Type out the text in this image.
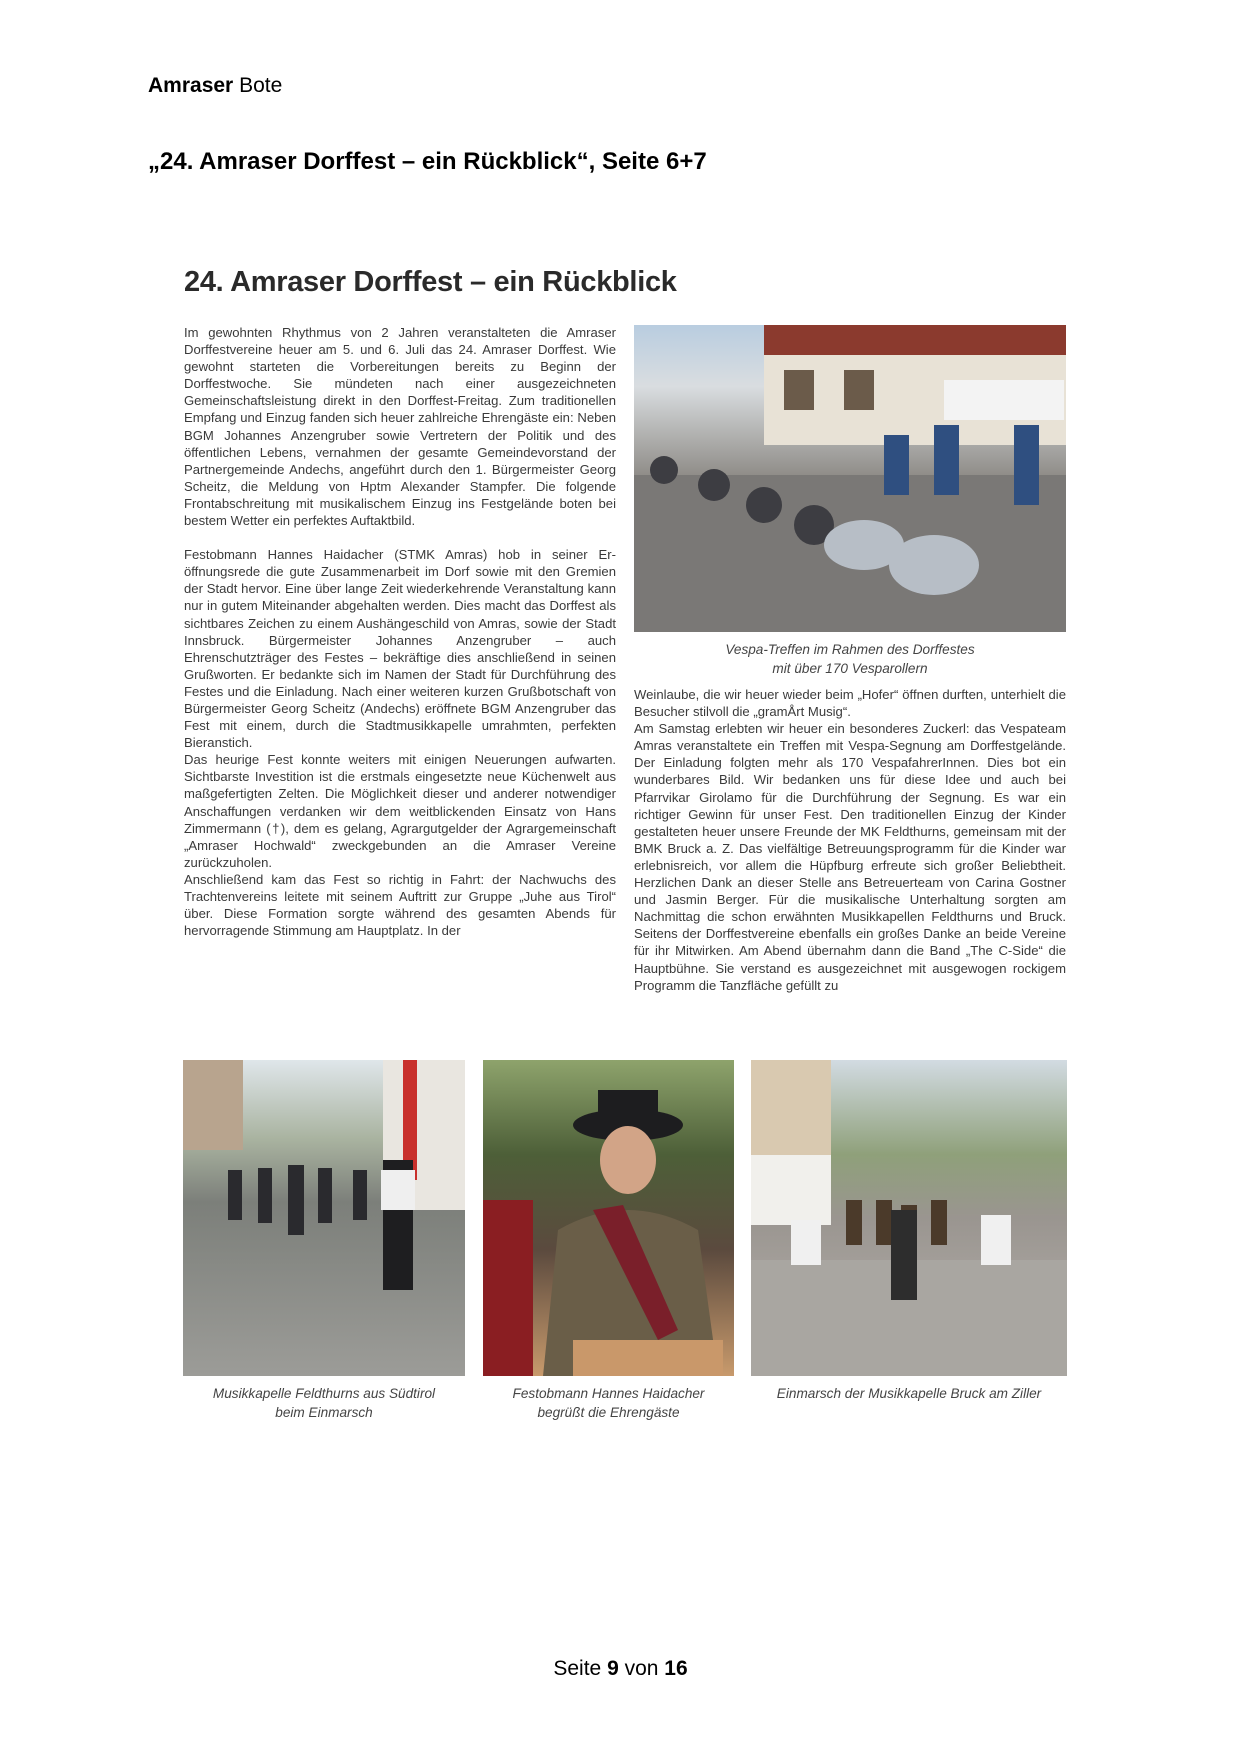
Amraser Bote
„24. Amraser Dorffest – ein Rückblick“, Seite 6+7
24. Amraser Dorffest – ein Rückblick

Im gewohnten Rhythmus von 2 Jahren veranstalteten die Amraser Dorffestvereine heuer am 5. und 6. Juli das 24. Amraser Dorffest. Wie gewohnt starteten die Vorbereitungen bereits zu Beginn der Dorffestwoche. Sie mündeten nach einer ausgezeichneten Gemeinschaftsleistung direkt in den Dorffest-Freitag. Zum traditionellen Empfang und Einzug fanden sich heuer zahlreiche Ehrengäste ein: Neben BGM Johannes Anzengruber sowie Vertretern der Politik und des öffentlichen Lebens, vernahmen der gesamte Gemeindevorstand der Partnergemeinde Andechs, angeführt durch den 1. Bürgermeister Georg Scheitz, die Meldung von Hptm Alexander Stampfer. Die folgende Frontabschreitung mit musikalischem Einzug ins Festgelände boten bei bestem Wetter ein perfektes Auftaktbild.

Festobmann Hannes Haidacher (STMK Amras) hob in seiner Eröffnungsrede die gute Zusammenarbeit im Dorf sowie mit den Gremien der Stadt hervor. Eine über lange Zeit wiederkehrende Veranstaltung kann nur in gutem Miteinander abgehalten werden. Dies macht das Dorffest als sichtbares Zeichen zu einem Aushängeschild von Amras, sowie der Stadt Innsbruck. Bürgermeister Johannes Anzengruber – auch Ehrenschutzträger des Festes – bekräftige dies anschließend in seinen Grußworten. Er bedankte sich im Namen der Stadt für Durchführung des Festes und die Einladung. Nach einer weiteren kurzen Grußbotschaft von Bürgermeister Georg Scheitz (Andechs) eröffnete BGM Anzengruber das Fest mit einem, durch die Stadtmusikkapelle umrahmten, perfekten Bieranstich.

Das heurige Fest konnte weiters mit einigen Neuerungen aufwarten. Sichtbarste Investition ist die erstmals eingesetzte neue Küchenwelt aus maßgefertigten Zelten. Die Möglichkeit dieser und anderer notwendiger Anschaffungen verdanken wir dem weitblickenden Einsatz von Hans Zimmermann (†), dem es gelang, Agrargutgelder der Agrargemeinschaft „Amraser Hochwald“ zweckgebunden an die Amraser Vereine zurückzuholen.

Anschließend kam das Fest so richtig in Fahrt: der Nachwuchs des Trachtenvereins leitete mit seinem Auftritt zur Gruppe „Juhe aus Tirol“ über. Diese Formation sorgte während des gesamten Abends für hervorragende Stimmung am Hauptplatz. In der

Vespa-Treffen im Rahmen des Dorffestes
mit über 170 Vesparollern

Weinlaube, die wir heuer wieder beim „Hofer“ öffnen durften, unterhielt die Besucher stilvoll die „gramÅrt Musig“.

Am Samstag erlebten wir heuer ein besonderes Zuckerl: das Vespateam Amras veranstaltete ein Treffen mit Vespa-Segnung am Dorffestgelände. Der Einladung folgten mehr als 170 VespafahrerInnen. Dies bot ein wunderbares Bild. Wir bedanken uns für diese Idee und auch bei Pfarrvikar Girolamo für die Durchführung der Segnung. Es war ein richtiger Gewinn für unser Fest. Den traditionellen Einzug der Kinder gestalteten heuer unsere Freunde der MK Feldthurns, gemeinsam mit der BMK Bruck a. Z. Das vielfältige Betreuungsprogramm für die Kinder war erlebnisreich, vor allem die Hüpfburg erfreute sich großer Beliebtheit. Herzlichen Dank an dieser Stelle ans Betreuerteam von Carina Gostner und Jasmin Berger. Für die musikalische Unterhaltung sorgten am Nachmittag die schon erwähnten Musikkapellen Feldthurns und Bruck. Seitens der Dorffestvereine ebenfalls ein großes Danke an beide Vereine für ihr Mitwirken. Am Abend übernahm dann die Band „The C-Side“ die Hauptbühne. Sie verstand es ausgezeichnet mit ausgewogen rockigem Programm die Tanzfläche gefüllt zu

Musikkapelle Feldthurns aus Südtirol
beim Einmarsch
Festobmann Hannes Haidacher
begrüßt die Ehrengäste
Einmarsch der Musikkapelle Bruck am Ziller
Seite 9 von 16
